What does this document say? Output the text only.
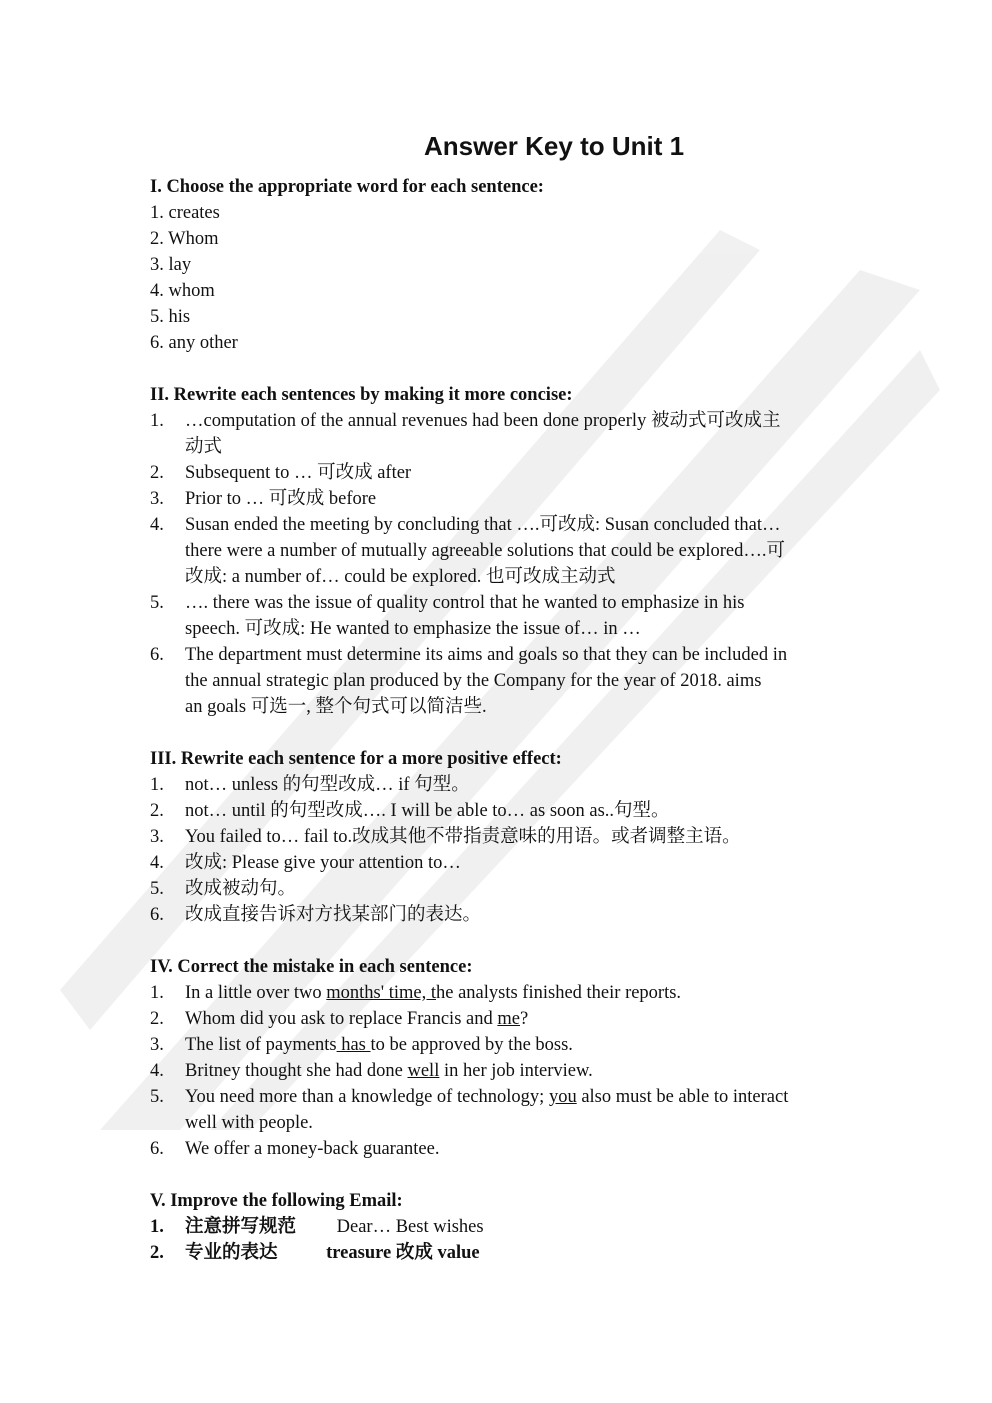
Answer Key to Unit 1

I. Choose the appropriate word for each sentence:

1. creates
2. Whom
3. lay
4. whom
5. his
6. any other

II. Rewrite each sentences by making it more concise:

1. …computation of the annual revenues had been done properly 被动式可改成主
动式
2. Subsequent to … 可改成 after
3. Prior to … 可改成 before
4. Susan ended the meeting by concluding that ….可改成: Susan concluded that…
there were a number of mutually agreeable solutions that could be explored….可
改成: a number of… could be explored. 也可改成主动式
5. …. there was the issue of quality control that he wanted to emphasize in his
speech. 可改成: He wanted to emphasize the issue of… in …
6. The department must determine its aims and goals so that they can be included in
the annual strategic plan produced by the Company for the year of 2018. aims
an goals 可选一, 整个句式可以简洁些.

III. Rewrite each sentence for a more positive effect:

1. not… unless 的句型改成… if 句型。
2. not… until 的句型改成…. I will be able to… as soon as..句型。
3. You failed to… fail to.改成其他不带指责意味的用语。或者调整主语。
4. 改成: Please give your attention to…
5. 改成被动句。
6. 改成直接告诉对方找某部门的表达。

IV. Correct the mistake in each sentence:

1. In a little over two months' time, the analysts finished their reports.
2. Whom did you ask to replace Francis and me?
3. The list of payments has to be approved by the boss.
4. Britney thought she had done well in her job interview.
5. You need more than a knowledge of technology; you also must be able to interact
well with people.
6. We offer a money-back guarantee.

V. Improve the following Email:

1. 注意拼写规范 Dear… Best wishes
2. 专业的表达	treasure 改成 value
